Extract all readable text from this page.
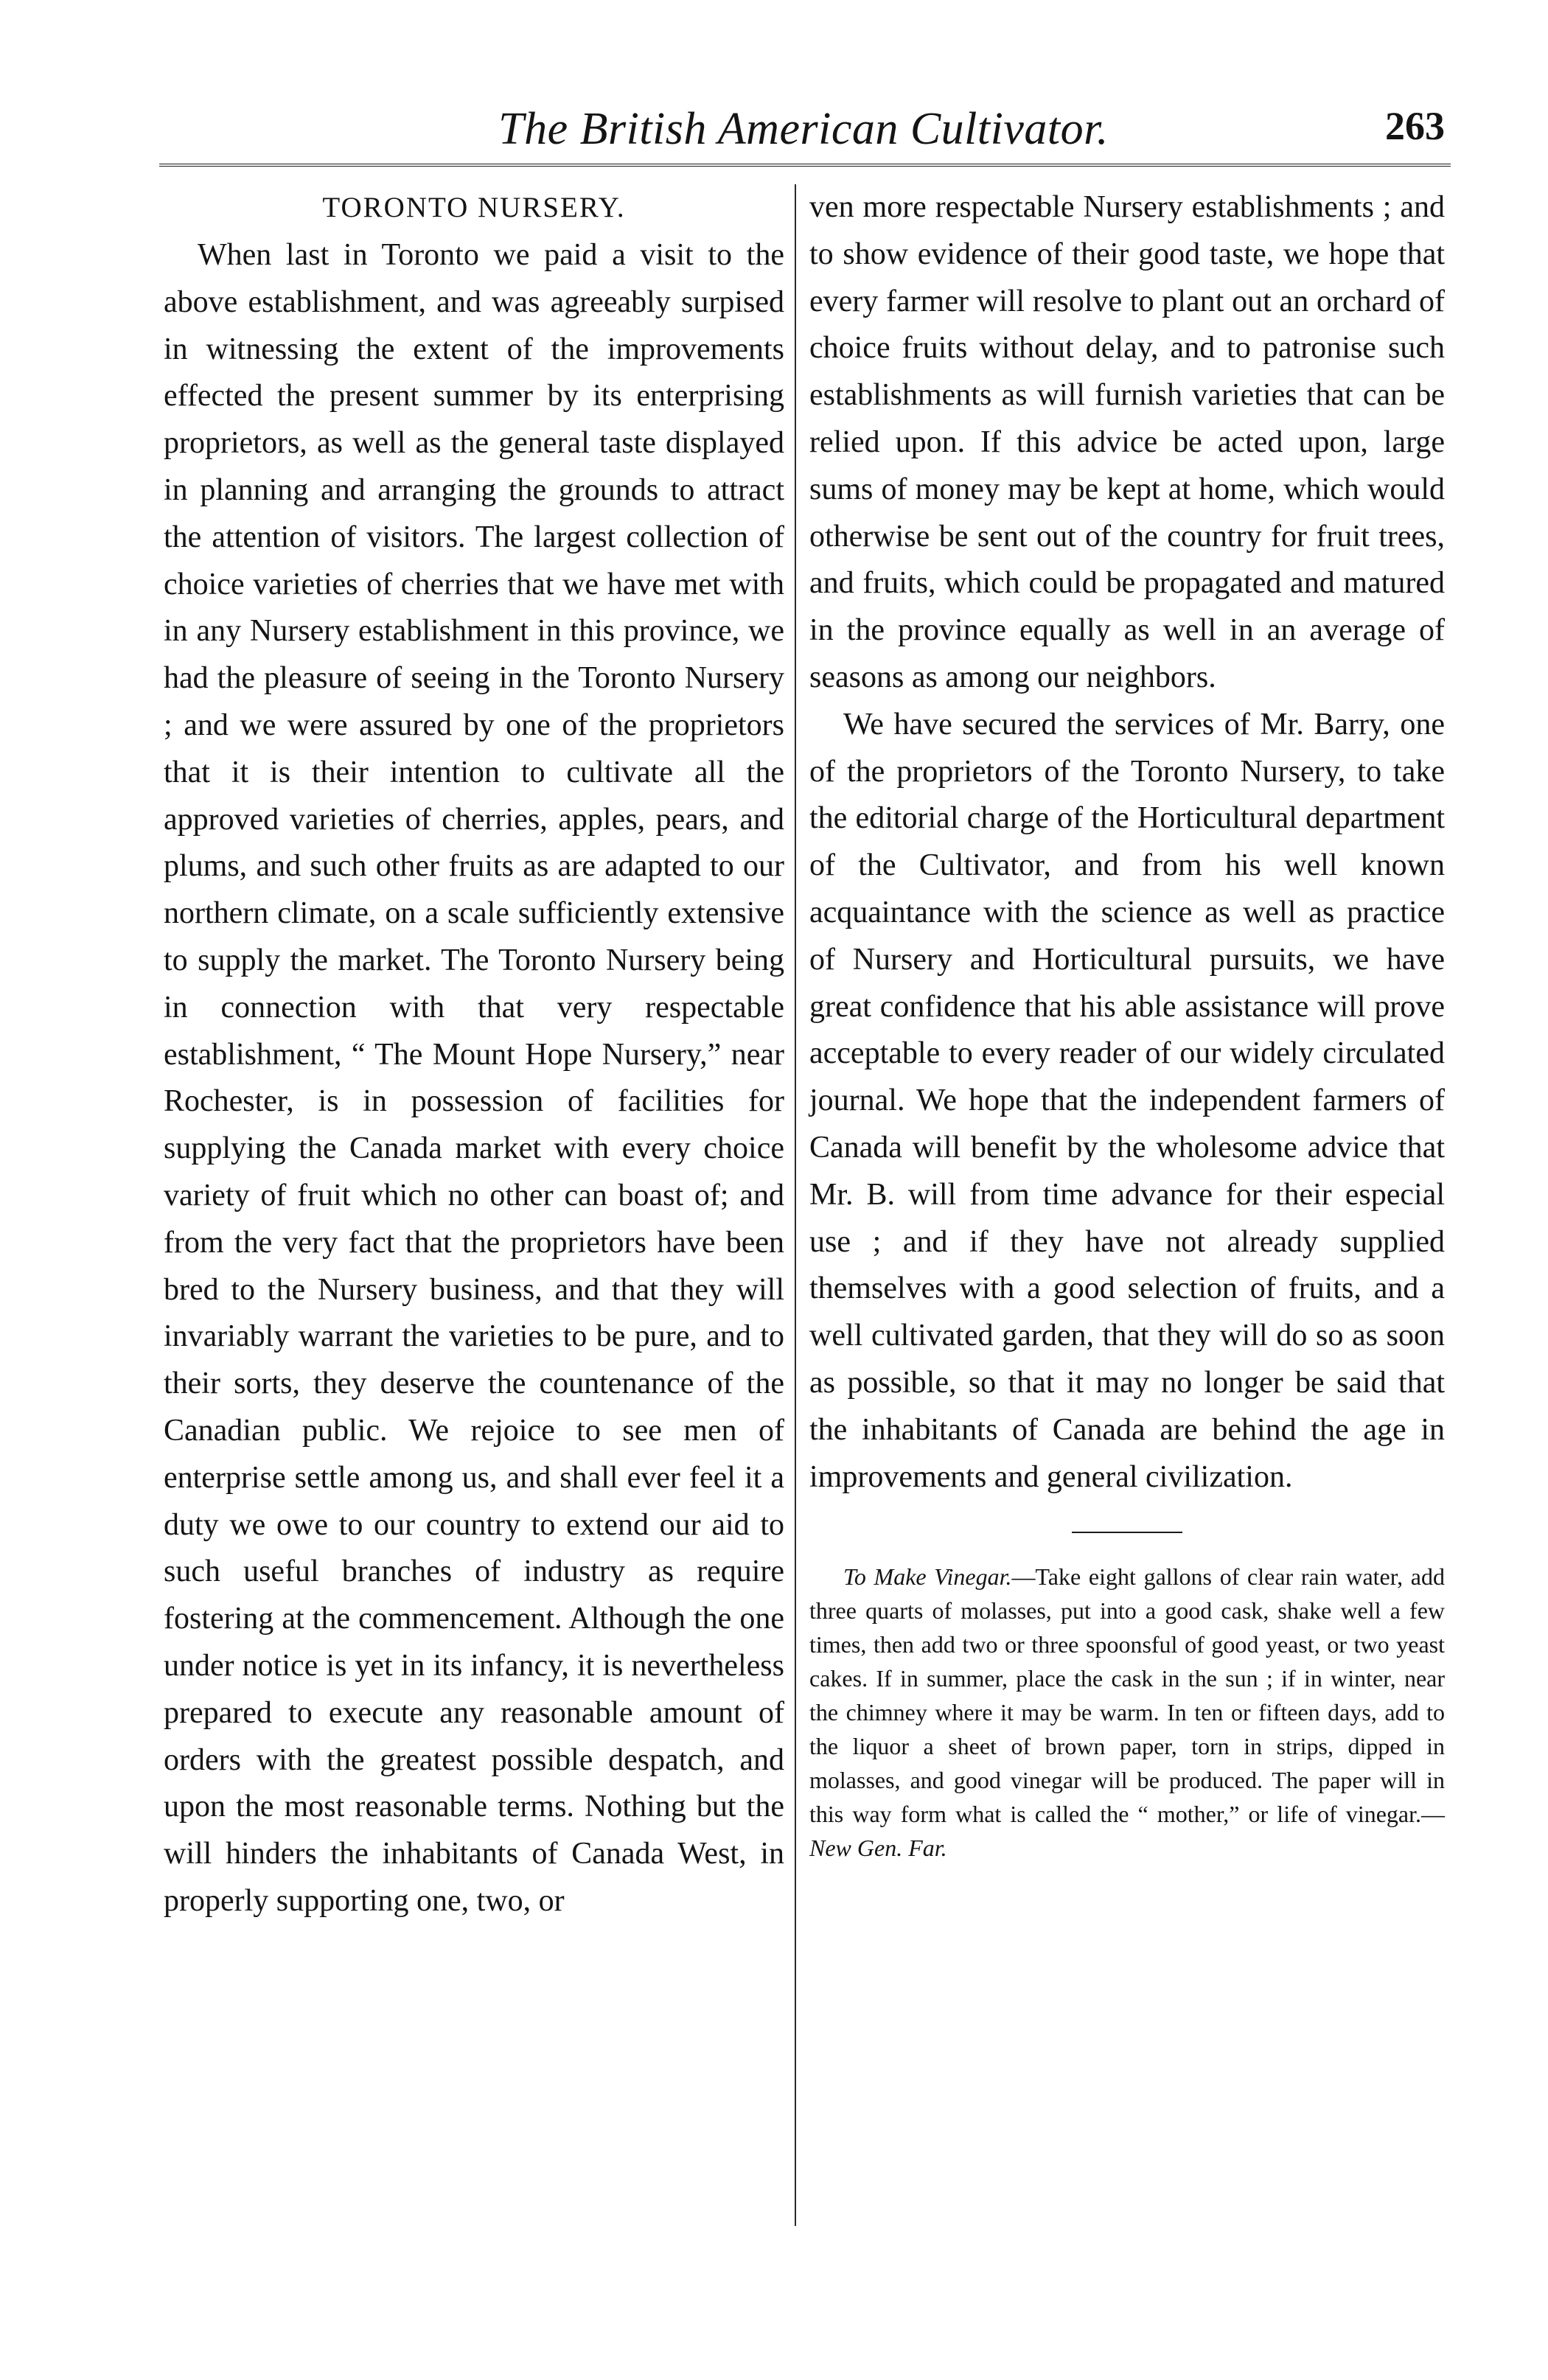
The British American Cultivator.	263
TORONTO NURSERY.

When last in Toronto we paid a visit to the above establishment, and was agreeably surpised in witnessing the extent of the improvements effected the present summer by its enterprising proprietors, as well as the general taste displayed in planning and arranging the grounds to attract the attention of visitors. The largest collection of choice varieties of cherries that we have met with in any Nursery establishment in this province, we had the pleasure of seeing in the Toronto Nursery ; and we were assured by one of the proprietors that it is their intention to cultivate all the approved varieties of cherries, apples, pears, and plums, and such other fruits as are adapted to our northern climate, on a scale sufficiently extensive to supply the market. The Toronto Nursery being in connection with that very respectable establishment, “ The Mount Hope Nursery,” near Rochester, is in possession of facilities for supplying the Canada market with every choice variety of fruit which no other can boast of; and from the very fact that the proprietors have been bred to the Nursery business, and that they will invariably warrant the varieties to be pure, and to their sorts, they deserve the countenance of the Canadian public. We rejoice to see men of enterprise settle among us, and shall ever feel it a duty we owe to our country to extend our aid to such useful branches of industry as require fostering at the commencement. Although the one under notice is yet in its infancy, it is nevertheless prepared to execute any reasonable amount of orders with the greatest possible despatch, and upon the most reasonable terms. Nothing but the will hinders the inhabitants of Canada West, in properly supporting one, two, or

ven more respectable Nursery establishments ; and to show evidence of their good taste, we hope that every farmer will resolve to plant out an orchard of choice fruits without delay, and to patronise such establishments as will furnish varieties that can be relied upon. If this advice be acted upon, large sums of money may be kept at home, which would otherwise be sent out of the country for fruit trees, and fruits, which could be propagated and matured in the province equally as well in an average of seasons as among our neighbors.

We have secured the services of Mr. Barry, one of the proprietors of the Toronto Nursery, to take the editorial charge of the Horticultural department of the Cultivator, and from his well known acquaintance with the science as well as practice of Nursery and Horticultural pursuits, we have great confidence that his able assistance will prove acceptable to every reader of our widely circulated journal. We hope that the independent farmers of Canada will benefit by the wholesome advice that Mr. B. will from time advance for their especial use ; and if they have not already supplied themselves with a good selection of fruits, and a well cultivated garden, that they will do so as soon as possible, so that it may no longer be said that the inhabitants of Canada are behind the age in improvements and general civilization.

To Make Vinegar.—Take eight gallons of clear rain water, add three quarts of molasses, put into a good cask, shake well a few times, then add two or three spoonsful of good yeast, or two yeast cakes. If in summer, place the cask in the sun ; if in winter, near the chimney where it may be warm. In ten or fifteen days, add to the liquor a sheet of brown paper, torn in strips, dipped in molasses, and good vinegar will be produced. The paper will in this way form what is called the “ mother,” or life of vinegar.—New Gen. Far.
